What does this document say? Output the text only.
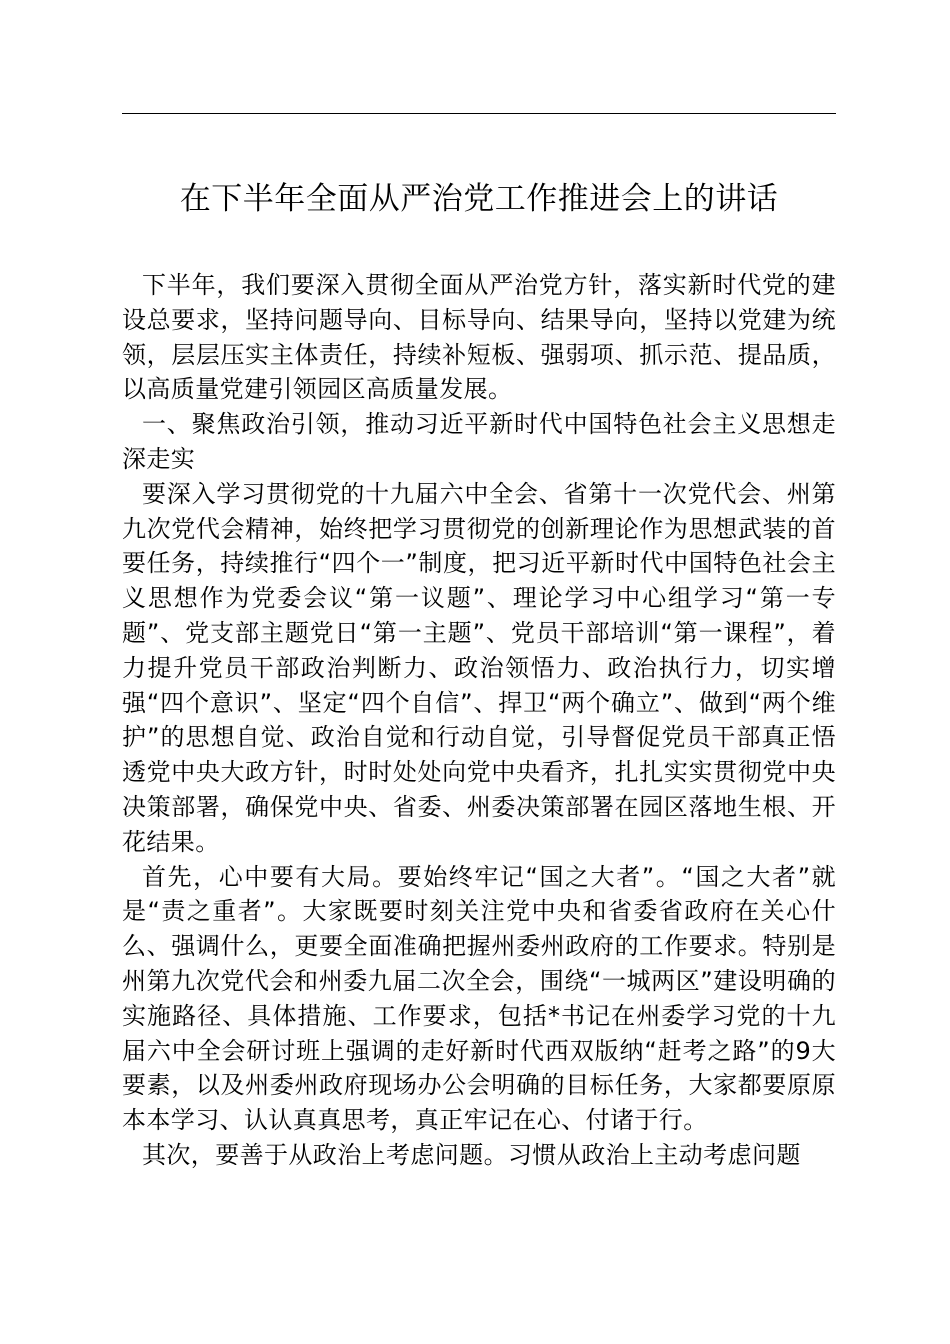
在下半年全面从严治党工作推进会上的讲话

下半年，我们要深入贯彻全面从严治党方针，落实新时代党的建设总要求，坚持问题导向、目标导向、结果导向，坚持以党建为统领，层层压实主体责任，持续补短板、强弱项、抓示范、提品质，以高质量党建引领园区高质量发展。

一、聚焦政治引领，推动习近平新时代中国特色社会主义思想走深走实

要深入学习贯彻党的十九届六中全会、省第十一次党代会、州第九次党代会精神，始终把学习贯彻党的创新理论作为思想武装的首要任务，持续推行“四个一”制度，把习近平新时代中国特色社会主义思想作为党委会议“第一议题”、理论学习中心组学习“第一专题”、党支部主题党日“第一主题”、党员干部培训“第一课程”，着力提升党员干部政治判断力、政治领悟力、政治执行力，切实增强“四个意识”、坚定“四个自信”、捍卫“两个确立”、做到“两个维护”的思想自觉、政治自觉和行动自觉，引导督促党员干部真正悟透党中央大政方针，时时处处向党中央看齐，扎扎实实贯彻党中央决策部署，确保党中央、省委、州委决策部署在园区落地生根、开花结果。

首先，心中要有大局。要始终牢记“国之大者”。“国之大者”就是“责之重者”。大家既要时刻关注党中央和省委省政府在关心什么、强调什么，更要全面准确把握州委州政府的工作要求。特别是州第九次党代会和州委九届二次全会，围绕“一城两区”建设明确的实施路径、具体措施、工作要求，包括*书记在州委学习党的十九届六中全会研讨班上强调的走好新时代西双版纳“赶考之路”的9大要素，以及州委州政府现场办公会明确的目标任务，大家都要原原本本学习、认认真真思考，真正牢记在心、付诸于行。

其次，要善于从政治上考虑问题。习惯从政治上主动考虑问题
